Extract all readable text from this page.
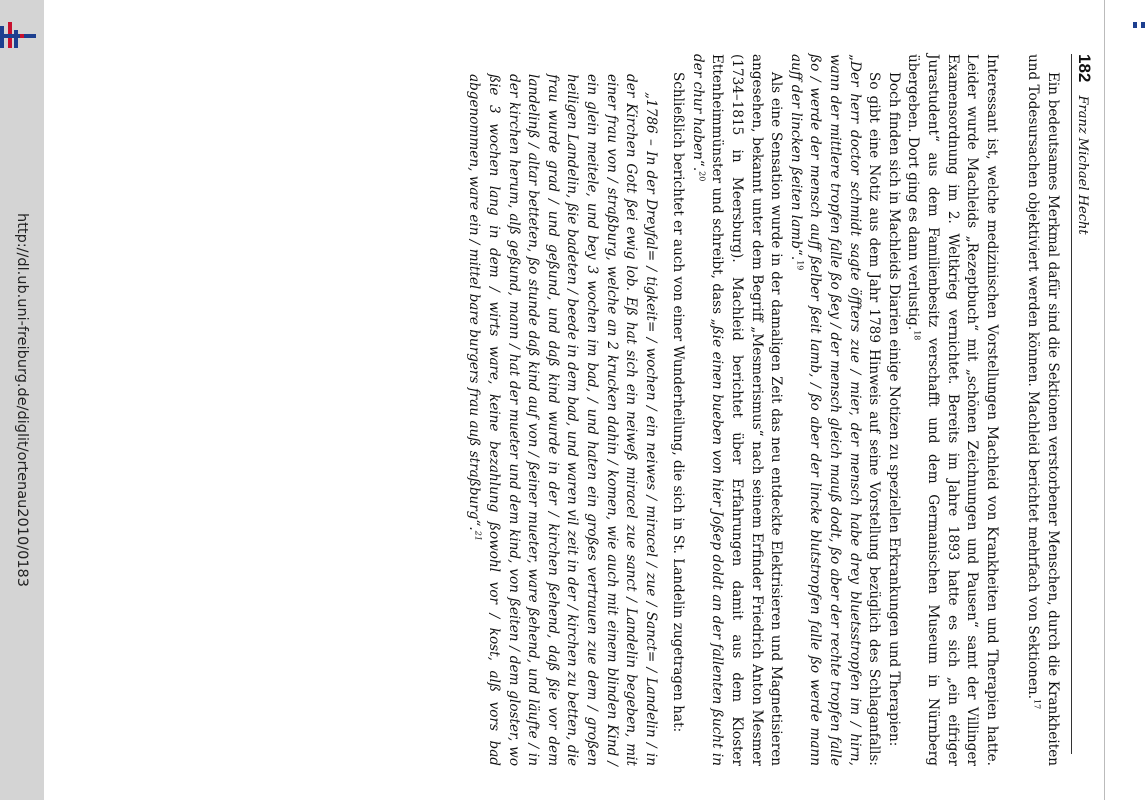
http://dl.ub.uni-freiburg.de/diglit/ortenau2010/0183
182 Franz Michael Hecht

Ein bedeutsames Merkmal dafür sind die Sektionen verstorbener Menschen, durch die Krankheiten und Todesursachen objektiviert werden können. Machleid berichtet mehrfach von Sektionen.$^{17}$

Interessant ist, welche medizinischen Vorstellungen Machleid von Krankheiten und Therapien hatte. Leider wurde Machleids „Rezeptbuch“ mit „schönen Zeichnungen und Pausen“ samt der Villinger Examensordnung im 2. Weltkrieg vernichtet. Bereits im Jahre 1893 hatte es sich „ein eifriger Jurastudent“ aus dem Familienbesitz verschafft und dem Germanischen Museum in Nürnberg übergeben. Dort ging es dann verlustig.$^{18}$

Doch finden sich in Machleids Diarien einige Notizen zu speziellen Erkrankungen und Therapien:

So gibt eine Notiz aus dem Jahr 1789 Hinweis auf seine Vorstellung bezüglich des Schlaganfalls: „Der herr doctor schmidt sagte öffters zue / mier, der mensch habe drey bluetsstropfen im / hirn, wann der mittlere tropfen falle ßo ßey / der mensch gleich mauß dodt, ßo aber der rechte tropfen falle ßo / werde der mensch auff ßelber ßeit lamb, / ßo aber der lincke blutstropfen falle ßo werde mann auff der lincken ßeiten lamb“.$^{19}$

Als eine Sensation wurde in der damaligen Zeit das neu entdeckte Elektrisieren und Magnetisieren angesehen, bekannt unter dem Begriff „Mesmerismus“ nach seinem Erfinder Friedrich Anton Mesmer (1734–1815 in Meersburg). Machleid berichtet über Erfahrungen damit aus dem Kloster Ettenheimmünster und schreibt, dass „ßie einen bueben von hier Joßep doldt an der fallenten ßucht in der chur haben“.$^{20}$

Schließlich berichtet er auch von einer Wunderheilung, die sich in St. Landelin zugetragen hat:

„1786 – In der Dreyfal= / tigkeit= / wochen / ein neiwes / miracel / zue / Sanct= / Landelin / in der Kirchen Gott ßei ewig lob. Eß hat sich ein neiweß miracel zue sanct / Landelin begeben, mit einer frau von / straßburg, welche an 2 krucken dahin / komen, wie auch mit einem blinden Kind / ein glein meitele, und bey 3 wochen im bad, / und haten ein großes vertrauen zue dem / großen heiligen Landelin, ßie badeten / beede in dem bad, und waren vil zeit in der / kirchen zu betten, die frau wurde grad / und geßund, und daß kind wurde in der / kirchen ßehend, daß ßie vor dem landelinß / altar betteten, ßo stunde daß kind auf von / ßeiner mueter, ware ßehend, und läufte / in der kirchen herum, alß geßund, mann / hat der mueter und dem kind, von ßeiten / dem gloster, wo ßie 3 wochen lang in dem / wirts ware, keine bezahlung ßowohl vor / kost, alß vors bad abgenommen, ware ein / mittel bare burgers frau auß straßburg“.$^{21}$
